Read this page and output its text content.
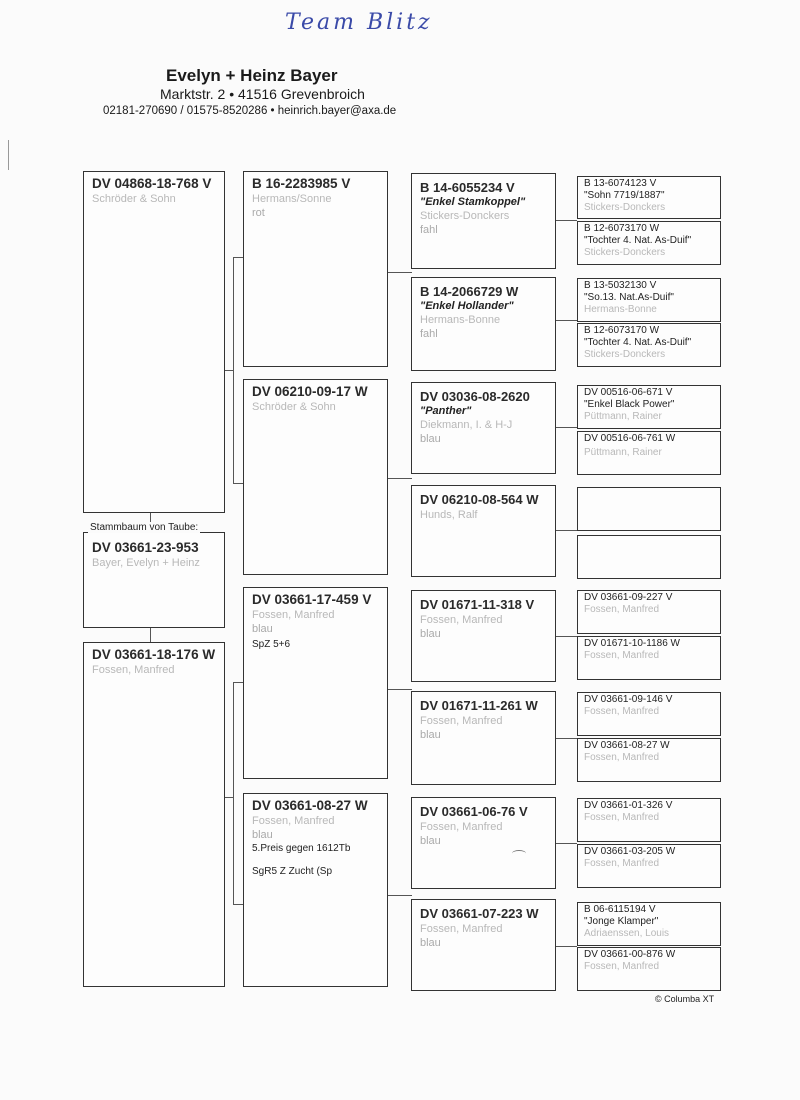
Team Blitz
Evelyn + Heinz Bayer
Marktstr. 2 • 41516 Grevenbroich
02181-270690 / 01575-8520286 • heinrich.bayer@axa.de
DV 04868-18-768 V
Schröder & Sohn
DV 03661-23-953
Bayer, Evelyn + Heinz
Stammbaum von Taube:
DV 03661-18-176 W
Fossen, Manfred
B 16-2283985 V
Hermans/Sonne
rot
DV 06210-09-17 W
Schröder & Sohn
DV 03661-17-459 V
Fossen, Manfred
blau
SpZ 5+6
DV 03661-08-27 W
Fossen, Manfred
blau
5.Preis gegen 1612Tb
SgR5 Z Zucht (Sp
B 14-6055234 V
"Enkel Stamkoppel"
Stickers-Donckers
fahl
B 14-2066729 W
"Enkel Hollander"
Hermans-Bonne
fahl
DV 03036-08-2620
"Panther"
Diekmann, I. & H-J
blau
DV 06210-08-564 W
Hunds, Ralf
DV 01671-11-318 V
Fossen, Manfred
blau
DV 01671-11-261 W
Fossen, Manfred
blau
DV 03661-06-76 V
Fossen, Manfred
blau
DV 03661-07-223 W
Fossen, Manfred
blau
B 13-6074123 V
"Sohn 7719/1887"
Stickers-Donckers
B 12-6073170 W
"Tochter 4. Nat. As-Duif"
Stickers-Donckers
B 13-5032130 V
"So.13. Nat.As-Duif"
Hermans-Bonne
B 12-6073170 W
"Tochter 4. Nat. As-Duif"
Stickers-Donckers
DV 00516-06-671 V
"Enkel Black Power"
Püttmann, Rainer
DV 00516-06-761 W
Püttmann, Rainer
DV 03661-09-227 V
Fossen, Manfred
DV 01671-10-1186 W
Fossen, Manfred
DV 03661-09-146 V
Fossen, Manfred
DV 03661-08-27 W
Fossen, Manfred
DV 03661-01-326 V
Fossen, Manfred
DV 03661-03-205 W
Fossen, Manfred
B 06-6115194 V
"Jonge Klamper"
Adriaenssen, Louis
DV 03661-00-876 W
Fossen, Manfred
© Columba XT
